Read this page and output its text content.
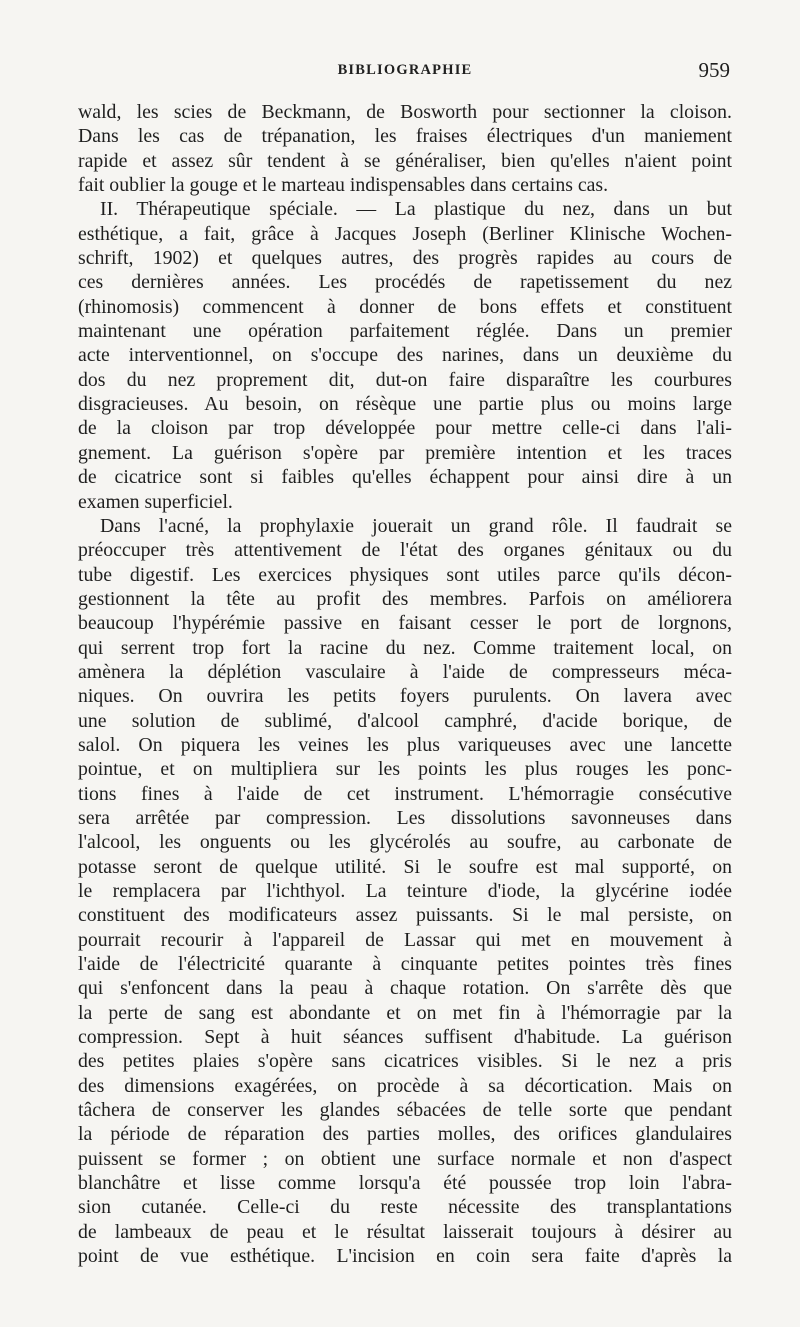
BIBLIOGRAPHIE	959
wald, les scies de Beckmann, de Bosworth pour sectionner la cloison.
Dans les cas de trépanation, les fraises électriques d'un maniement
rapide et assez sûr tendent à se généraliser, bien qu'elles n'aient point
fait oublier la gouge et le marteau indispensables dans certains cas.
II. Thérapeutique spéciale. — La plastique du nez, dans un but
esthétique, a fait, grâce à Jacques Joseph (Berliner Klinische Wochen-
schrift, 1902) et quelques autres, des progrès rapides au cours de
ces dernières années. Les procédés de rapetissement du nez
(rhinomosis) commencent à donner de bons effets et constituent
maintenant une opération parfaitement réglée. Dans un premier
acte interventionnel, on s'occupe des narines, dans un deuxième du
dos du nez proprement dit, dut-on faire disparaître les courbures
disgracieuses. Au besoin, on résèque une partie plus ou moins large
de la cloison par trop développée pour mettre celle-ci dans l'ali-
gnement. La guérison s'opère par première intention et les traces
de cicatrice sont si faibles qu'elles échappent pour ainsi dire à un
examen superficiel.
Dans l'acné, la prophylaxie jouerait un grand rôle. Il faudrait se
préoccuper très attentivement de l'état des organes génitaux ou du
tube digestif. Les exercices physiques sont utiles parce qu'ils décon-
gestionnent la tête au profit des membres. Parfois on améliorera
beaucoup l'hypérémie passive en faisant cesser le port de lorgnons,
qui serrent trop fort la racine du nez. Comme traitement local, on
amènera la déplétion vasculaire à l'aide de compresseurs méca-
niques. On ouvrira les petits foyers purulents. On lavera avec
une solution de sublimé, d'alcool camphré, d'acide borique, de
salol. On piquera les veines les plus variqueuses avec une lancette
pointue, et on multipliera sur les points les plus rouges les ponc-
tions fines à l'aide de cet instrument. L'hémorragie consécutive
sera arrêtée par compression. Les dissolutions savonneuses dans
l'alcool, les onguents ou les glycérolés au soufre, au carbonate de
potasse seront de quelque utilité. Si le soufre est mal supporté, on
le remplacera par l'ichthyol. La teinture d'iode, la glycérine iodée
constituent des modificateurs assez puissants. Si le mal persiste, on
pourrait recourir à l'appareil de Lassar qui met en mouvement à
l'aide de l'électricité quarante à cinquante petites pointes très fines
qui s'enfoncent dans la peau à chaque rotation. On s'arrête dès que
la perte de sang est abondante et on met fin à l'hémorragie par la
compression. Sept à huit séances suffisent d'habitude. La guérison
des petites plaies s'opère sans cicatrices visibles. Si le nez a pris
des dimensions exagérées, on procède à sa décortication. Mais on
tâchera de conserver les glandes sébacées de telle sorte que pendant
la période de réparation des parties molles, des orifices glandulaires
puissent se former ; on obtient une surface normale et non d'aspect
blanchâtre et lisse comme lorsqu'a été poussée trop loin l'abra-
sion cutanée. Celle-ci du reste nécessite des transplantations
de lambeaux de peau et le résultat laisserait toujours à désirer au
point de vue esthétique. L'incision en coin sera faite d'après la
